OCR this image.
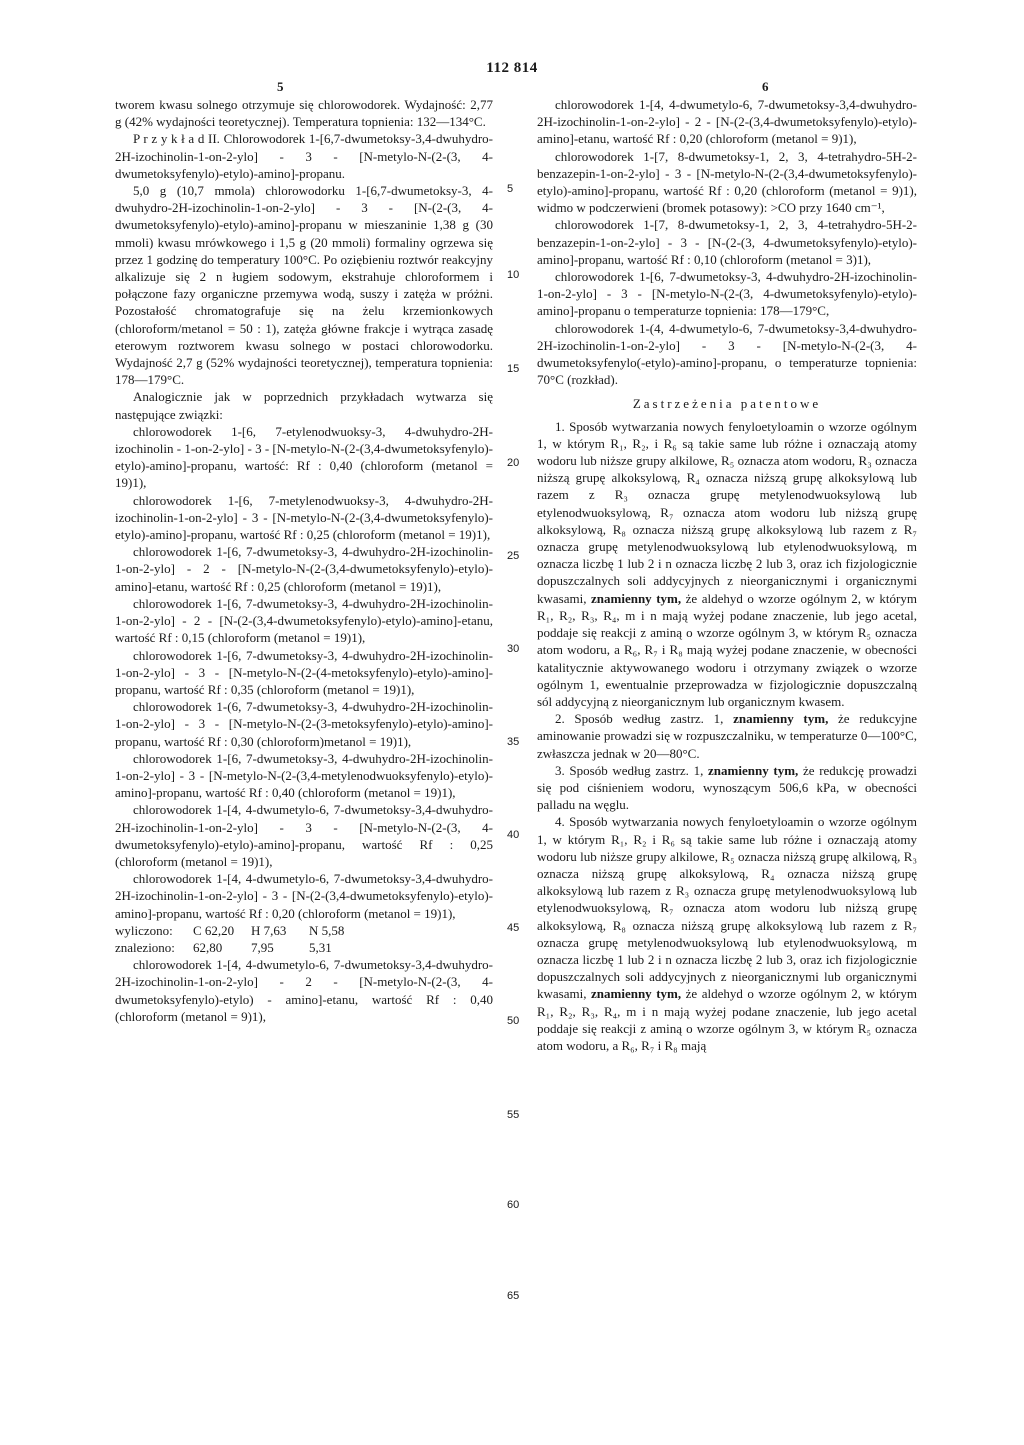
112 814
5	6

tworem kwasu solnego otrzymuje się chlorowodorek. Wydajność: 2,77 g (42% wydajności teoretycznej). Temperatura topnienia: 132—134°C.

P r z y k ł a d II. Chlorowodorek 1-[6,7-dwumetoksy-3,4-dwuhydro-2H-izochinolin-1-on-2-ylo] - 3 - [N-metylo-N-(2-(3, 4-dwumetoksyfenylo)-etylo)-amino]-propanu.

5,0 g (10,7 mmola) chlorowodorku 1-[6,7-dwumetoksy-3, 4-dwuhydro-2H-izochinolin-1-on-2-ylo] - 3 - [N-(2-(3, 4-dwumetoksyfenylo)-etylo)-amino]-propanu w mieszaninie 1,38 g (30 mmoli) kwasu mrówkowego i 1,5 g (20 mmoli) formaliny ogrzewa się przez 1 godzinę do temperatury 100°C. Po oziębieniu roztwór reakcyjny alkalizuje się 2 n ługiem sodowym, ekstrahuje chloroformem i połączone fazy organiczne przemywa wodą, suszy i zatęża w próżni. Pozostałość chromatografuje się na żelu krzemionkowych (chloroform/metanol = 50 : 1), zatęża główne frakcje i wytrąca zasadę eterowym roztworem kwasu solnego w postaci chlorowodorku. Wydajność 2,7 g (52% wydajności teoretycznej), temperatura topnienia: 178—179°C.

Analogicznie jak w poprzednich przykładach wytwarza się następujące związki:

chlorowodorek 1-[6, 7-etylenodwuoksy-3, 4-dwuhydro-2H-izochinolin - 1-on-2-ylo] - 3 - [N-metylo-N-(2-(3,4-dwumetoksyfenylo)-etylo)-amino]-propanu, wartość: Rf : 0,40 (chloroform (metanol = 19)1),

chlorowodorek 1-[6, 7-metylenodwuoksy-3, 4-dwuhydro-2H-izochinolin-1-on-2-ylo] - 3 - [N-metylo-N-(2-(3,4-dwumetoksyfenylo)-etylo)-amino]-propanu, wartość Rf : 0,25 (chloroform (metanol = 19)1),

chlorowodorek 1-[6, 7-dwumetoksy-3, 4-dwuhydro-2H-izochinolin-1-on-2-ylo] - 2 - [N-metylo-N-(2-(3,4-dwumetoksyfenylo)-etylo)-amino]-etanu, wartość Rf : 0,25 (chloroform (metanol = 19)1),

chlorowodorek 1-[6, 7-dwumetoksy-3, 4-dwuhydro-2H-izochinolin-1-on-2-ylo] - 2 - [N-(2-(3,4-dwumetoksyfenylo)-etylo)-amino]-etanu, wartość Rf : 0,15 (chloroform (metanol = 19)1),

chlorowodorek 1-[6, 7-dwumetoksy-3, 4-dwuhydro-2H-izochinolin-1-on-2-ylo] - 3 - [N-metylo-N-(2-(4-metoksyfenylo)-etylo)-amino]-propanu, wartość Rf : 0,35 (chloroform (metanol = 19)1),

chlorowodorek 1-(6, 7-dwumetoksy-3, 4-dwuhydro-2H-izochinolin-1-on-2-ylo] - 3 - [N-metylo-N-(2-(3-metoksyfenylo)-etylo)-amino]-propanu, wartość Rf : 0,30 (chloroform)metanol = 19)1),

chlorowodorek 1-[6, 7-dwumetoksy-3, 4-dwuhydro-2H-izochinolin-1-on-2-ylo] - 3 - [N-metylo-N-(2-(3,4-metylenodwuoksyfenylo)-etylo)-amino]-propanu, wartość Rf : 0,40 (chloroform (metanol = 19)1),

chlorowodorek 1-[4, 4-dwumetylo-6, 7-dwumetoksy-3,4-dwuhydro-2H-izochinolin-1-on-2-ylo] - 3 - [N-metylo-N-(2-(3, 4-dwumetoksyfenylo)-etylo)-amino]-propanu, wartość Rf : 0,25 (chloroform (metanol = 19)1),

chlorowodorek 1-[4, 4-dwumetylo-6, 7-dwumetoksy-3,4-dwuhydro-2H-izochinolin-1-on-2-ylo] - 3 - [N-(2-(3,4-dwumetoksyfenylo)-etylo)-amino]-propanu, wartość Rf : 0,20 (chloroform (metanol = 19)1),

wyliczono:	C 62,20	H 7,63	N 5,58
znaleziono:	62,80	7,95	5,31

chlorowodorek 1-[4, 4-dwumetylo-6, 7-dwumetoksy-3,4-dwuhydro-2H-izochinolin-1-on-2-ylo] - 2 - [N-metylo-N-(2-(3, 4-dwumetoksyfenylo)-etylo) - amino]-etanu, wartość Rf : 0,40 (chloroform (metanol = 9)1),

5
10
15
20
25
30
35
40
45
50
55
60
65

chlorowodorek 1-[4, 4-dwumetylo-6, 7-dwumetoksy-3,4-dwuhydro-2H-izochinolin-1-on-2-ylo] - 2 - [N-(2-(3,4-dwumetoksyfenylo)-etylo)-amino]-etanu, wartość Rf : 0,20 (chloroform (metanol = 9)1),

chlorowodorek 1-[7, 8-dwumetoksy-1, 2, 3, 4-tetrahydro-5H-2-benzazepin-1-on-2-ylo] - 3 - [N-metylo-N-(2-(3,4-dwumetoksyfenylo)-etylo)-amino]-propanu, wartość Rf : 0,20 (chloroform (metanol = 9)1), widmo w podczerwieni (bromek potasowy): >CO przy 1640 cm⁻¹,

chlorowodorek 1-[7, 8-dwumetoksy-1, 2, 3, 4-tetrahydro-5H-2-benzazepin-1-on-2-ylo] - 3 - [N-(2-(3, 4-dwumetoksyfenylo)-etylo)-amino]-propanu, wartość Rf : 0,10 (chloroform (metanol = 3)1),

chlorowodorek 1-[6, 7-dwumetoksy-3, 4-dwuhydro-2H-izochinolin-1-on-2-ylo] - 3 - [N-metylo-N-(2-(3, 4-dwumetoksyfenylo)-etylo)-amino]-propanu o temperaturze topnienia: 178—179°C,

chlorowodorek 1-(4, 4-dwumetylo-6, 7-dwumetoksy-3,4-dwuhydro-2H-izochinolin-1-on-2-ylo] - 3 - [N-metylo-N-(2-(3, 4-dwumetoksyfenylo(-etylo)-amino]-propanu, o temperaturze topnienia: 70°C (rozkład).

Zastrzeżenia patentowe

1. Sposób wytwarzania nowych fenyloetyloamin o wzorze ogólnym 1, w którym R₁, R₂, i R₆ są takie same lub różne i oznaczają atomy wodoru lub niższe grupy alkilowe, R₅ oznacza atom wodoru, R₃ oznacza niższą grupę alkoksylową, R₄ oznacza niższą grupę alkoksylową lub razem z R₃ oznacza grupę metylenodwuoksylową lub etylenodwuoksylową, R₇ oznacza atom wodoru lub niższą grupę alkoksylową, R₈ oznacza niższą grupę alkoksylową lub razem z R₇ oznacza grupę metylenodwuoksylową lub etylenodwuoksylową, m oznacza liczbę 1 lub 2 i n oznacza liczbę 2 lub 3, oraz ich fizjologicznie dopuszczalnych soli addycyjnych z nieorganicznymi i organicznymi kwasami, znamienny tym, że aldehyd o wzorze ogólnym 2, w którym R₁, R₂, R₃, R₄, m i n mają wyżej podane znaczenie, lub jego acetal, poddaje się reakcji z aminą o wzorze ogólnym 3, w którym R₅ oznacza atom wodoru, a R₆, R₇ i R₈ mają wyżej podane znaczenie, w obecności katalitycznie aktywowanego wodoru i otrzymany związek o wzorze ogólnym 1, ewentualnie przeprowadza w fizjologicznie dopuszczalną sól addycyjną z nieorganicznym lub organicznym kwasem.

2. Sposób według zastrz. 1, znamienny tym, że redukcyjne aminowanie prowadzi się w rozpuszczalniku, w temperaturze 0—100°C, zwłaszcza jednak w 20—80°C.

3. Sposób według zastrz. 1, znamienny tym, że redukcję prowadzi się pod ciśnieniem wodoru, wynoszącym 506,6 kPa, w obecności palladu na węglu.

4. Sposób wytwarzania nowych fenyloetyloamin o wzorze ogólnym 1, w którym R₁, R₂ i R₆ są takie same lub różne i oznaczają atomy wodoru lub niższe grupy alkilowe, R₅ oznacza niższą grupę alkilową, R₃ oznacza niższą grupę alkoksylową, R₄ oznacza niższą grupę alkoksylową lub razem z R₃ oznacza grupę metylenodwuoksylową lub etylenodwuoksylową, R₇ oznacza atom wodoru lub niższą grupę alkoksylową, R₈ oznacza niższą grupę alkoksylową lub razem z R₇ oznacza grupę metylenodwuoksylową lub etylenodwuoksylową, m oznacza liczbę 1 lub 2 i n oznacza liczbę 2 lub 3, oraz ich fizjologicznie dopuszczalnych soli addycyjnych z nieorganicznymi lub organicznymi kwasami, znamienny tym, że aldehyd o wzorze ogólnym 2, w którym R₁, R₂, R₃, R₄, m i n mają wyżej podane znaczenie, lub jego acetal poddaje się reakcji z aminą o wzorze ogólnym 3, w którym R₅ oznacza atom wodoru, a R₆, R₇ i R₈ mają
